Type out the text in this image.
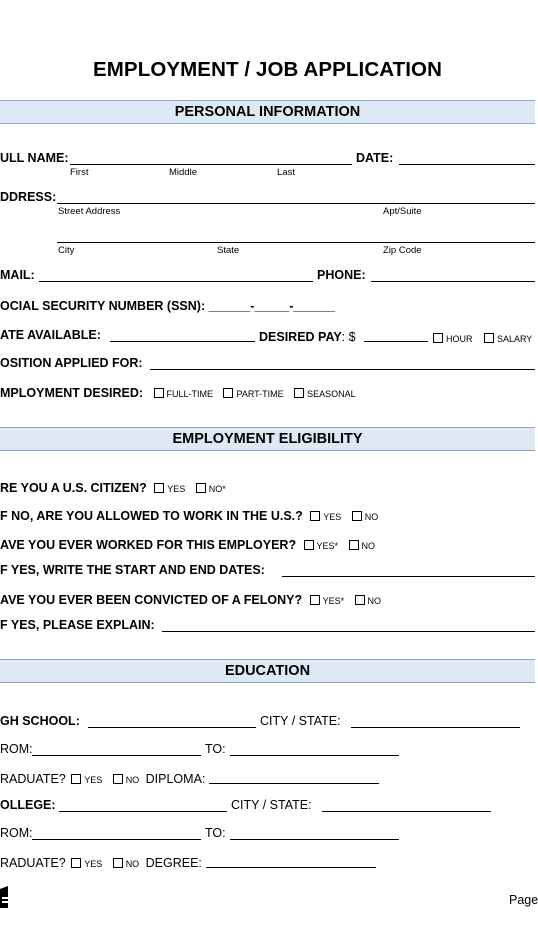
EMPLOYMENT / JOB APPLICATION
PERSONAL INFORMATION
ULL NAME:
First	Middle	Last
DATE:
DDRESS:
Street Address	Apt/Suite
City	State	Zip Code
MAIL:	PHONE:
OCIAL SECURITY NUMBER (SSN): ______-_____-______
ATE AVAILABLE:	DESIRED PAY: $	HOUR	SALARY
OSITION APPLIED FOR:
MPLOYMENT DESIRED:	FULL-TIME	PART-TIME	SEASONAL
EMPLOYMENT ELIGIBILITY
RE YOU A U.S. CITIZEN? YES	NO*
F NO, ARE YOU ALLOWED TO WORK IN THE U.S.? YES	NO
AVE YOU EVER WORKED FOR THIS EMPLOYER? YES*	NO
F YES, WRITE THE START AND END DATES:
AVE YOU EVER BEEN CONVICTED OF A FELONY? YES*	NO
F YES, PLEASE EXPLAIN:
EDUCATION
GH SCHOOL:	CITY / STATE:
ROM:	TO:
RADUATE? YES	NO DIPLOMA:
OLLEGE:	CITY / STATE:
ROM:	TO:
RADUATE? YES	NO DEGREE:
Page
